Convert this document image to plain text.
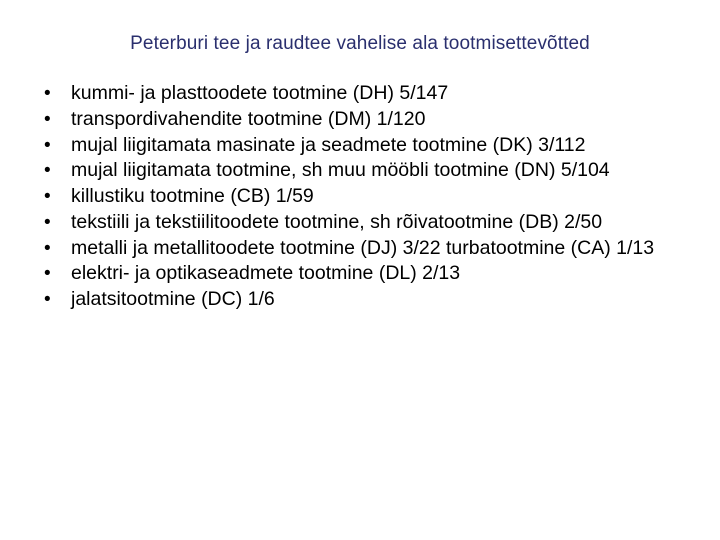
Peterburi tee ja raudtee vahelise ala tootmisettevõtted
• kummi- ja plasttoodete tootmine (DH) 5/147
• transpordivahendite tootmine (DM) 1/120
• mujal liigitamata masinate ja seadmete tootmine (DK) 3/112
• mujal liigitamata tootmine, sh muu mööbli tootmine (DN) 5/104
• killustiku tootmine (CB) 1/59
• tekstiili ja tekstiilitoodete tootmine, sh rõivatootmine (DB) 2/50
• metalli ja metallitoodete tootmine (DJ) 3/22 turbatootmine (CA) 1/13
• elektri- ja optikaseadmete tootmine (DL) 2/13
• jalatsitootmine (DC) 1/6
